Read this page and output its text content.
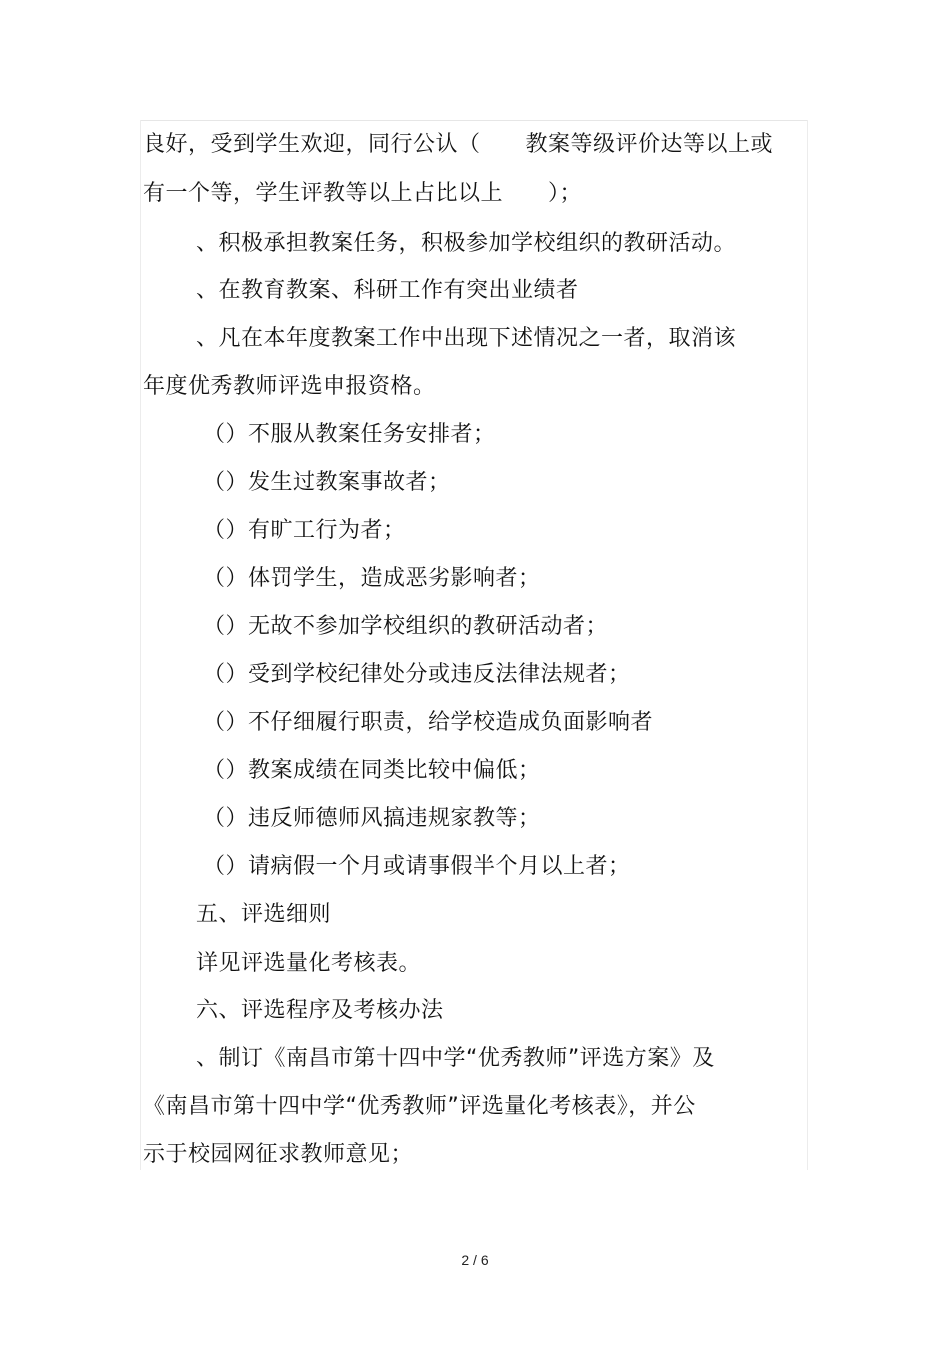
良好，受到学生欢迎，同行公认（　　教案等级评价达等以上或
有一个等，学生评教等以上占比以上　　）；
、积极承担教案任务，积极参加学校组织的教研活动。
、在教育教案、科研工作有突出业绩者
、凡在本年度教案工作中出现下述情况之一者，取消该
年度优秀教师评选申报资格。
（）不服从教案任务安排者；
（）发生过教案事故者；
（）有旷工行为者；
（）体罚学生，造成恶劣影响者；
（）无故不参加学校组织的教研活动者；
（）受到学校纪律处分或违反法律法规者；
（）不仔细履行职责，给学校造成负面影响者
（）教案成绩在同类比较中偏低；
（）违反师德师风搞违规家教等；
（）请病假一个月或请事假半个月以上者；
五、评选细则
详见评选量化考核表。
六、评选程序及考核办法
、制订《南昌市第十四中学“优秀教师”评选方案》及
《南昌市第十四中学“优秀教师”评选量化考核表》，并公
示于校园网征求教师意见；
2 / 6
